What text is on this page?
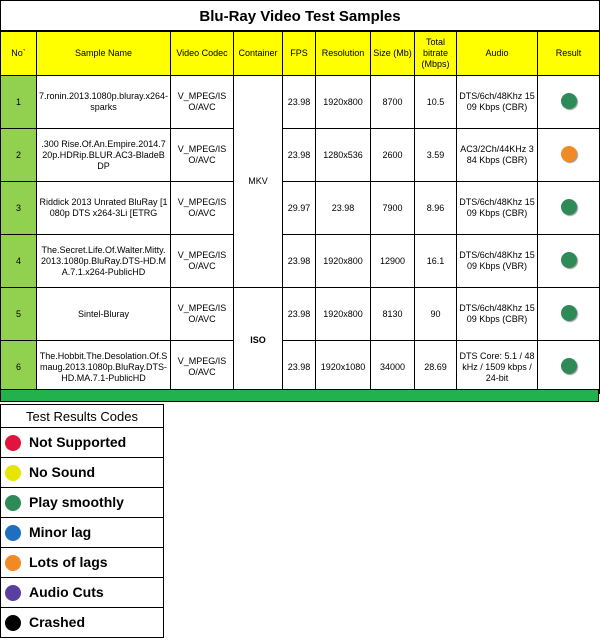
Blu-Ray Video Test Samples
No`	Sample Name	Video Codec	Container	FPS	Resolution	Size (Mb)	Total bitrate (Mbps)	Audio	Result
1	7.ronin.2013.1080p.bluray.x264-sparks	V_MPEG/ISO/AVC	MKV	23.98	1920x800	8700	10.5	DTS/6ch/48Khz 1509 Kbps (CBR)	
2	.300 Rise.Of.An.Empire.2014.720p.HDRip.BLUR.AC3-BladeBDP	V_MPEG/ISO/AVC		23.98	1280x536	2600	3.59	AC3/2Ch/44KHz 384 Kbps (CBR)	
3	Riddick 2013 Unrated BluRay [1080p DTS x264-3Li [ETRG	V_MPEG/ISO/AVC		29.97	23.98	7900	8.96	DTS/6ch/48Khz 1509 Kbps (CBR)	
4	The.Secret.Life.Of.Walter.Mitty.2013.1080p.BluRay.DTS-HD.MA.7.1.x264-PublicHD	V_MPEG/ISO/AVC		23.98	1920x800	12900	16.1	DTS/6ch/48Khz 1509 Kbps (VBR)	
5	Sintel-Bluray	V_MPEG/ISO/AVC	ISO	23.98	1920x800	8130	90	DTS/6ch/48Khz 1509 Kbps (CBR)	
6	The.Hobbit.The.Desolation.Of.Smaug.2013.1080p.BluRay.DTS-HD.MA.7.1-PublicHD	V_MPEG/ISO/AVC		23.98	1920x1080	34000	28.69	DTS Core: 5.1 / 48 kHz / 1509 kbps / 24-bit	
Test Results Codes
Not Supported
No Sound
Play smoothly
Minor lag
Lots of lags
Audio Cuts
Crashed
